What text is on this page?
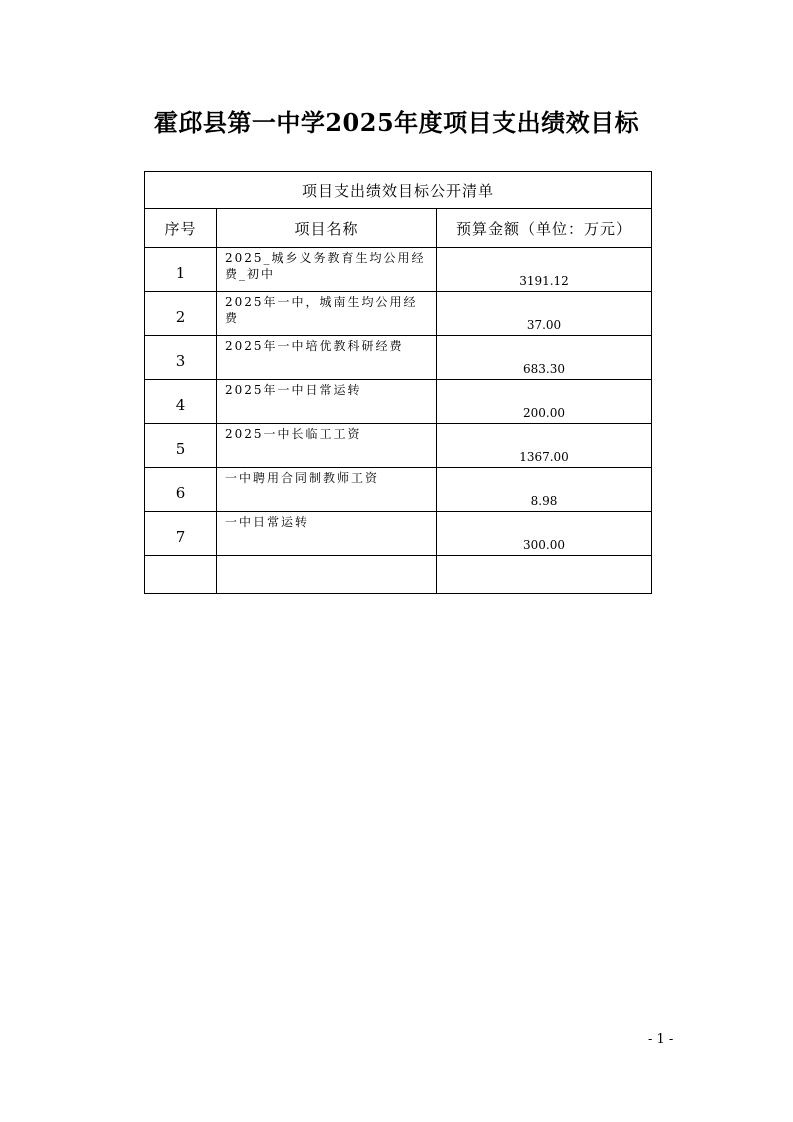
霍邱县第一中学2025年度项目支出绩效目标
项目支出绩效目标公开清单		
序号	项目名称	预算金额（单位：万元）
1	2025_城乡义务教育生均公用经费_初中	3191.12
2	2025年一中，城南生均公用经费	37.00
3	2025年一中培优教科研经费	683.30
4	2025年一中日常运转	200.00
5	2025一中长临工工资	1367.00
6	一中聘用合同制教师工资	8.98
7	一中日常运转	300.00

- 1 -
